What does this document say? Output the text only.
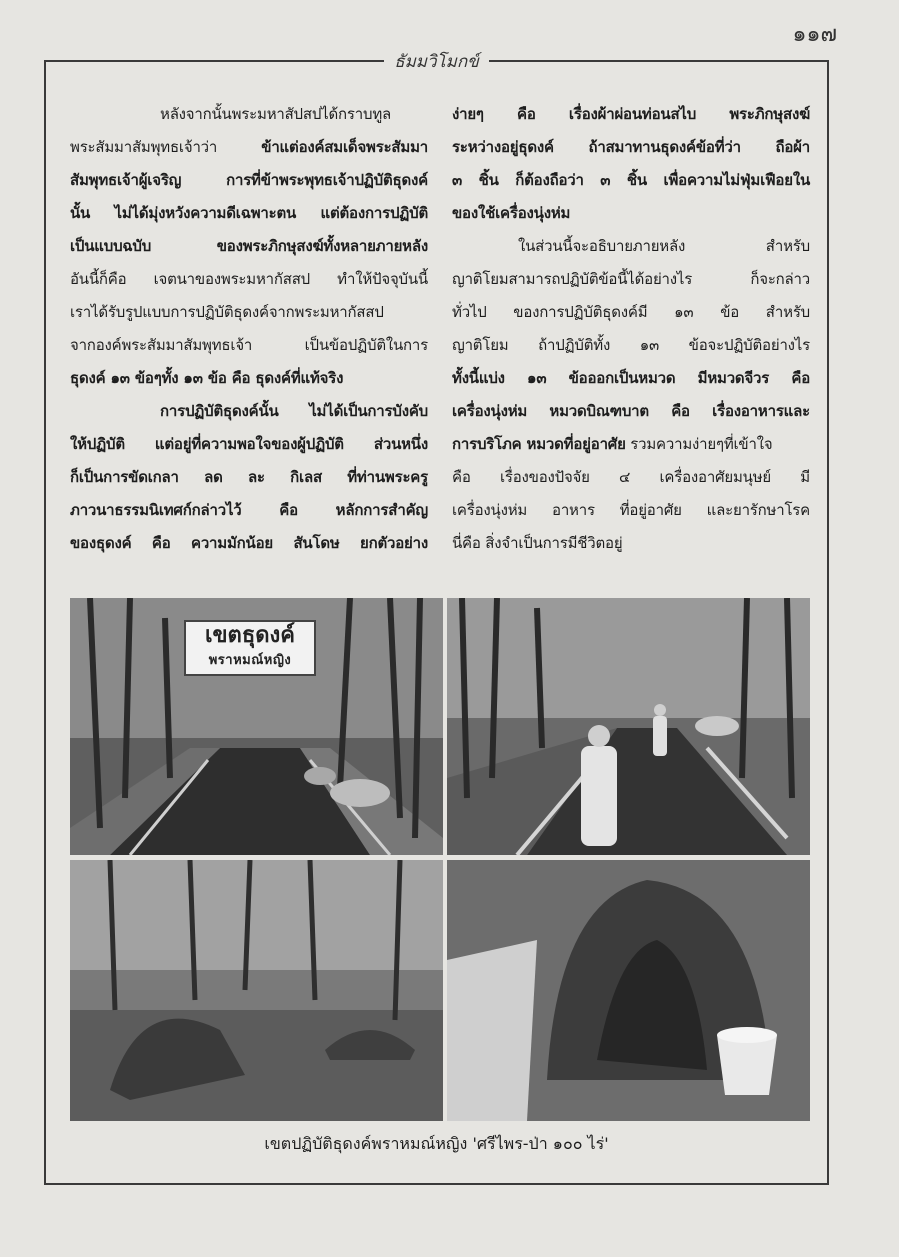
๑๑๗
ธัมมวิโมกข์
หลังจากนั้นพระมหาสัปสปได้กราบทูล
พระสัมมาสัมพุทธเจ้าว่า ข้าแต่องค์สมเด็จพระสัมมา
สัมพุทธเจ้าผู้เจริญ การที่ข้าพระพุทธเจ้าปฏิบัติธุดงค์
นั้น ไม่ได้มุ่งหวังความดีเฉพาะตน แต่ต้องการปฏิบัติ
เป็นแบบฉบับ ของพระภิกษุสงฆ์ทั้งหลายภายหลัง
อันนี้ก็คือ เจตนาของพระมหากัสสป ทำให้ปัจจุบันนี้
เราได้รับรูปแบบการปฏิบัติธุดงค์จากพระมหากัสสป
จากองค์พระสัมมาสัมพุทธเจ้า เป็นข้อปฏิบัติในการ
ธุดงค์ ๑๓ ข้อๆทั้ง ๑๓ ข้อ คือ ธุดงค์ที่แท้จริง
การปฏิบัติธุดงค์นั้น ไม่ได้เป็นการบังคับ
ให้ปฏิบัติ แต่อยู่ที่ความพอใจของผู้ปฏิบัติ ส่วนหนึ่ง
ก็เป็นการขัดเกลา ลด ละ กิเลส ที่ท่านพระครู
ภาวนาธรรมนิเทศก์กล่าวไว้ คือ หลักการสำคัญ
ของธุดงค์ คือ ความมักน้อย สันโดษ ยกตัวอย่าง
ง่ายๆ คือ เรื่องผ้าผ่อนท่อนสไบ พระภิกษุสงฆ์
ระหว่างอยู่ธุดงค์ ถ้าสมาทานธุดงค์ข้อที่ว่า ถือผ้า
๓ ชิ้น ก็ต้องถือว่า ๓ ชิ้น เพื่อความไม่ฟุ่มเฟือยใน
ของใช้เครื่องนุ่งห่ม
ในส่วนนี้จะอธิบายภายหลัง สำหรับ
ญาติโยมสามารถปฏิบัติข้อนี้ได้อย่างไร ก็จะกล่าว
ทั่วไป ของการปฏิบัติธุดงค์มี ๑๓ ข้อ สำหรับ
ญาติโยม ถ้าปฏิบัติทั้ง ๑๓ ข้อจะปฏิบัติอย่างไร
ทั้งนี้แบ่ง ๑๓ ข้อออกเป็นหมวด มีหมวดจีวร คือ
เครื่องนุ่งห่ม หมวดบิณฑบาต คือ เรื่องอาหารและ
การบริโภค หมวดที่อยู่อาศัย รวมความง่ายๆที่เข้าใจ
คือ เรื่องของปัจจัย ๔ เครื่องอาศัยมนุษย์ มี
เครื่องนุ่งห่ม อาหาร ที่อยู่อาศัย และยารักษาโรค
นี่คือ สิ่งจำเป็นการมีชีวิตอยู่
เขตธุดงค์
พราหมณ์หญิง
เขตปฏิบัติธุดงค์พราหมณ์หญิง 'ศรีไพร-ป่า ๑๐๐ ไร่'
